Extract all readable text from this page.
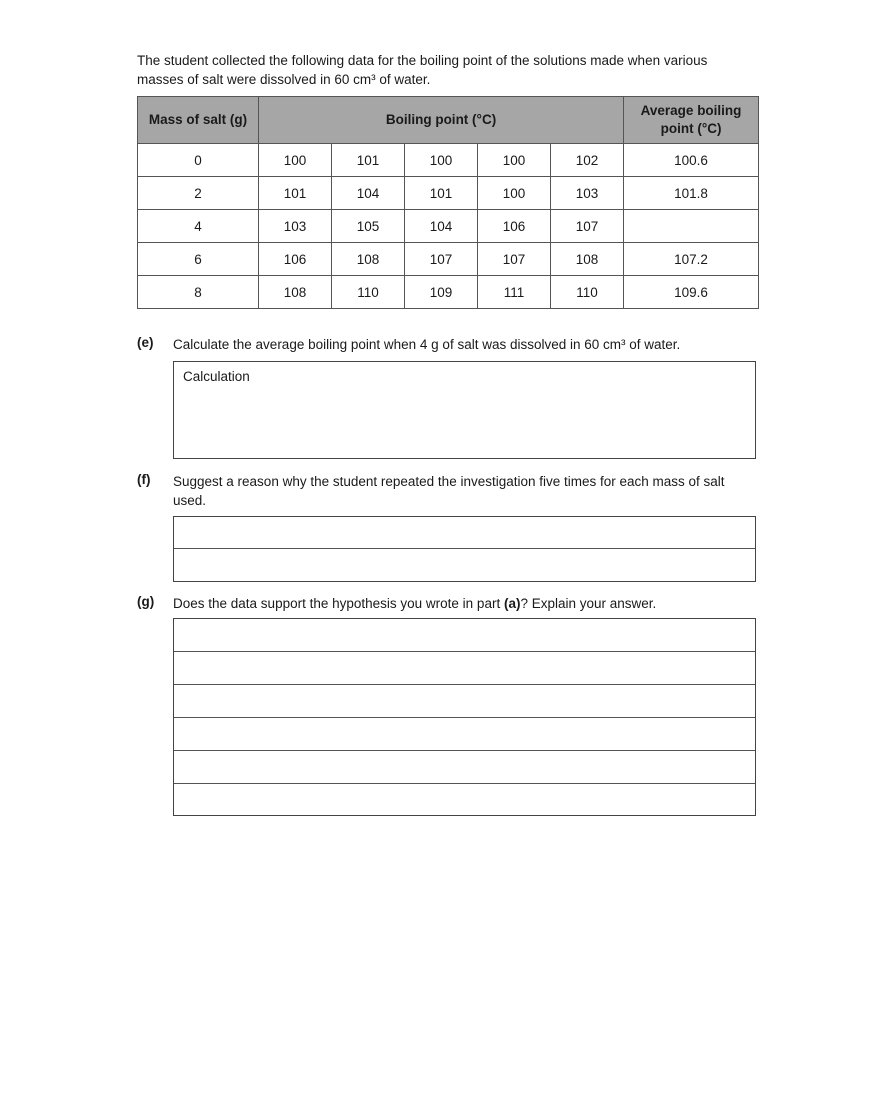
The student collected the following data for the boiling point of the solutions made when various
masses of salt were dissolved in 60 cm³ of water.

Mass of salt (g)	Boiling point (°C)					Average boiling
point (°C)
0	100	101	100	100	102	100.6
2	101	104	101	100	103	101.8
4	103	105	104	106	107	
6	106	108	107	107	108	107.2
8	108	110	109	111	110	109.6
(e) Calculate the average boiling point when 4 g of salt was dissolved in 60 cm³ of water.
Calculation
(f) Suggest a reason why the student repeated the investigation five times for each mass of salt
used.
(g) Does the data support the hypothesis you wrote in part (a)? Explain your answer.
